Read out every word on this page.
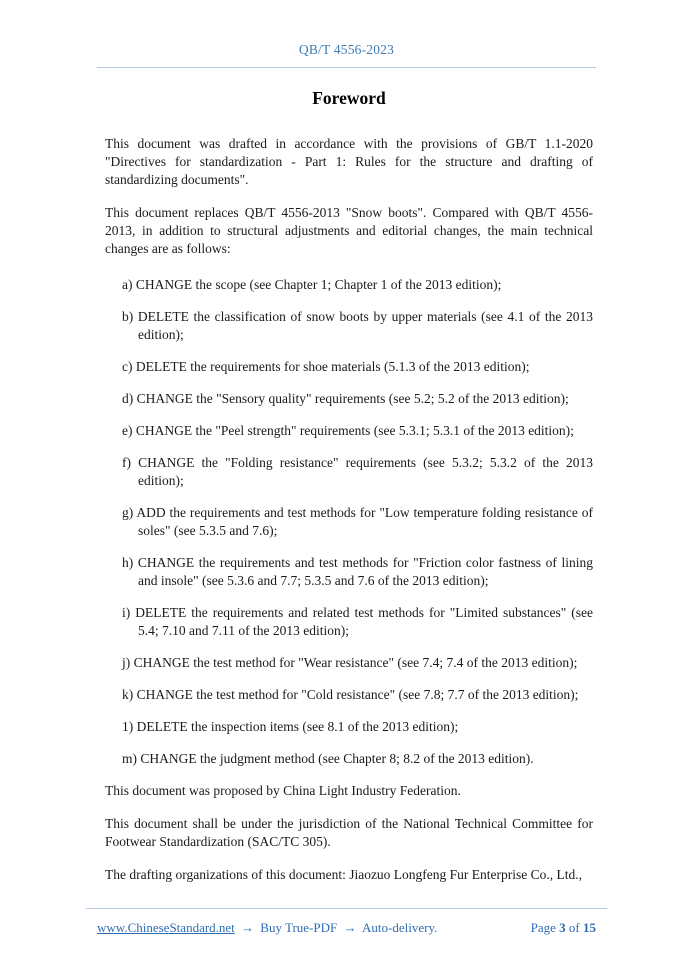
QB/T 4556-2023
Foreword

This document was drafted in accordance with the provisions of GB/T 1.1-2020 "Directives for standardization - Part 1: Rules for the structure and drafting of standardizing documents".

This document replaces QB/T 4556-2013 "Snow boots". Compared with QB/T 4556-2013, in addition to structural adjustments and editorial changes, the main technical changes are as follows:

a) CHANGE the scope (see Chapter 1; Chapter 1 of the 2013 edition);

b) DELETE the classification of snow boots by upper materials (see 4.1 of the 2013 edition);

c) DELETE the requirements for shoe materials (5.1.3 of the 2013 edition);

d) CHANGE the "Sensory quality" requirements (see 5.2; 5.2 of the 2013 edition);

e) CHANGE the "Peel strength" requirements (see 5.3.1; 5.3.1 of the 2013 edition);

f) CHANGE the "Folding resistance" requirements (see 5.3.2; 5.3.2 of the 2013 edition);

g) ADD the requirements and test methods for "Low temperature folding resistance of soles" (see 5.3.5 and 7.6);

h) CHANGE the requirements and test methods for "Friction color fastness of lining and insole" (see 5.3.6 and 7.7; 5.3.5 and 7.6 of the 2013 edition);

i) DELETE the requirements and related test methods for "Limited substances" (see 5.4; 7.10 and 7.11 of the 2013 edition);

j) CHANGE the test method for "Wear resistance" (see 7.4; 7.4 of the 2013 edition);

k) CHANGE the test method for "Cold resistance" (see 7.8; 7.7 of the 2013 edition);

1) DELETE the inspection items (see 8.1 of the 2013 edition);

m) CHANGE the judgment method (see Chapter 8; 8.2 of the 2013 edition).

This document was proposed by China Light Industry Federation.

This document shall be under the jurisdiction of the National Technical Committee for Footwear Standardization (SAC/TC 305).

The drafting organizations of this document: Jiaozuo Longfeng Fur Enterprise Co., Ltd.,

www.ChineseStandard.net → Buy True-PDF → Auto-delivery.	Page 3 of 15
